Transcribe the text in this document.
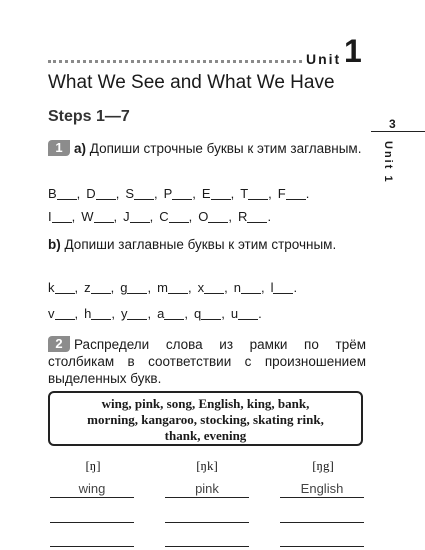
Unit 1
What We See and What We Have
Steps 1—7	3
Unit 1
1 а) Допиши строчные буквы к этим заглавным.
B , D , S , P , E , T , F .
I , W , J , C , O , R .
b) Допиши заглавные буквы к этим строчным.
k , z , g , m , x , n , l .
v , h , y , a , q , u .
2 Распредели слова из рамки по трём столбикам в соответствии с произношением выделенных букв.
wing, pink, song, English, king, bank,
morning, kangaroo, stocking, skating rink,
thank, evening
[ŋ]	[ŋk]	[ŋg]
wing	pink	English
